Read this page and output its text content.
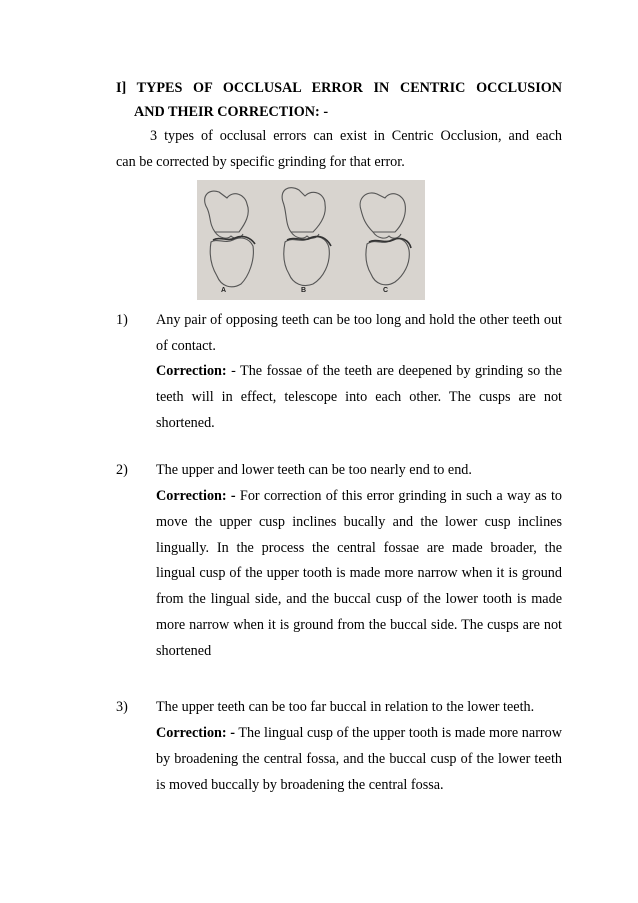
I] TYPES OF OCCLUSAL ERROR IN CENTRIC OCCLUSION
AND THEIR CORRECTION: -
3 types of occlusal errors can exist in Centric Occlusion, and each
can be corrected by specific grinding for that error.
A	B	C
1) Any pair of opposing teeth can be too long and hold the other teeth out of contact.
Correction: - The fossae of the teeth are deepened by grinding so the teeth will in effect, telescope into each other. The cusps are not shortened.
2) The upper and lower teeth can be too nearly end to end.
Correction: - For correction of this error grinding in such a way as to move the upper cusp inclines bucally and the lower cusp inclines lingually. In the process the central fossae are made broader, the lingual cusp of the upper tooth is made more narrow when it is ground from the lingual side, and the buccal cusp of the lower tooth is made more narrow when it is ground from the buccal side. The cusps are not shortened
3) The upper teeth can be too far buccal in relation to the lower teeth.
Correction: - The lingual cusp of the upper tooth is made more narrow by broadening the central fossa, and the buccal cusp of the lower teeth is moved buccally by broadening the central fossa.
